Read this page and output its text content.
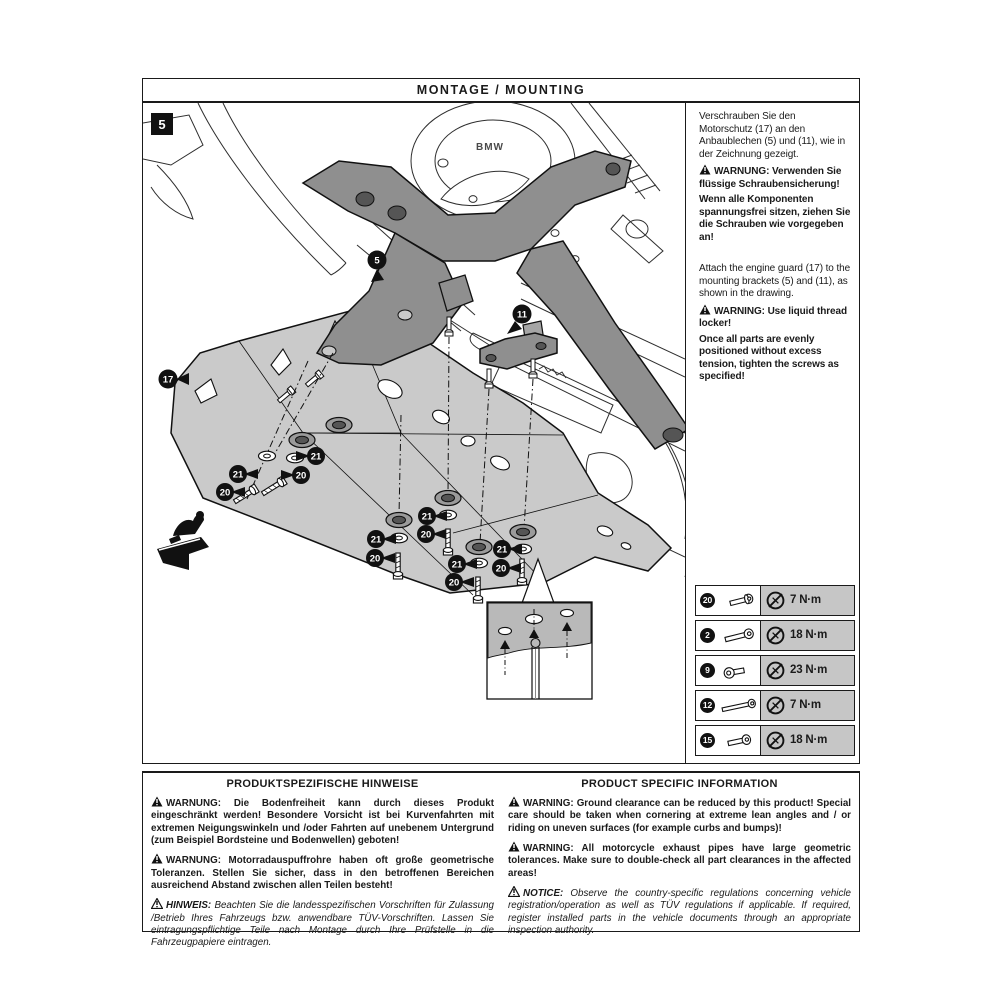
MONTAGE / MOUNTING
BMW
5
17
5
11
21
21
21
21
21
21
20
20
20
20
20
20

Verschrauben Sie den Motorschutz (17) an den Anbaublechen (5) und (11), wie in der Zeichnung gezeigt.

WARNUNG: Verwenden Sie flüssige Schraubensicherung!

Wenn alle Komponenten spannungsfrei sitzen, ziehen Sie die Schrauben wie vorgegeben an!

Attach the engine guard (17) to the mounting brackets (5) and (11), as shown in the drawing.

WARNING: Use liquid thread locker!

Once all parts are evenly positioned without excess tension, tighten the screws as specified!

20	7 N·m
2	18 N·m
9	23 N·m
12	7 N·m
15	18 N·m
PRODUKTSPEZIFISCHE HINWEISE

WARNUNG: Die Bodenfreiheit kann durch dieses Produkt eingeschränkt werden! Besondere Vorsicht ist bei Kurvenfahrten mit extremen Neigungswinkeln und /oder Fahrten auf unebenem Untergrund (zum Beispiel Bordsteine und Bodenwellen) geboten!

WARNUNG: Motorradauspuffrohre haben oft große geometrische Toleranzen. Stellen Sie sicher, dass in den betroffenen Bereichen ausreichend Abstand zwischen allen Teilen besteht!

HINWEIS: Beachten Sie die landesspezifischen Vorschriften für Zulassung /Betrieb Ihres Fahrzeugs bzw. anwendbare TÜV-Vorschriften. Lassen Sie eintragungspflichtige Teile nach Montage durch Ihre Prüfstelle in die Fahrzeugpapiere eintragen.

PRODUCT SPECIFIC INFORMATION

WARNING: Ground clearance can be reduced by this product! Special care should be taken when cornering at extreme lean angles and / or riding on uneven surfaces (for example curbs and bumps)!

WARNING: All motorcycle exhaust pipes have large geometric tolerances. Make sure to double-check all part clearances in the affected areas!

NOTICE: Observe the country-specific regulations concerning vehicle registration/operation as well as TÜV regulations if applicable. If required, register installed parts in the vehicle documents through an appropriate inspection authority.
